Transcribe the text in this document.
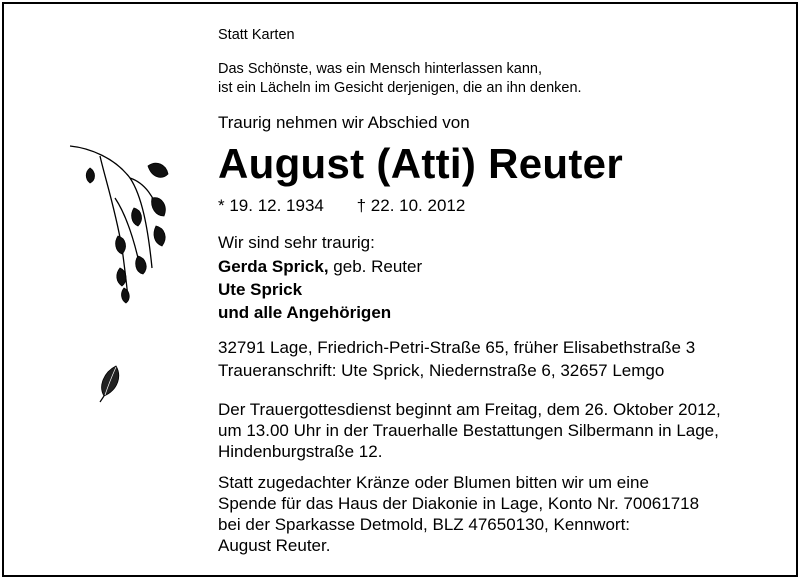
Statt Karten
Das Schönste, was ein Mensch hinterlassen kann,
ist ein Lächeln im Gesicht derjenigen, die an ihn denken.
Traurig nehmen wir Abschied von
August (Atti) Reuter
* 19. 12. 1934 † 22. 10. 2012
Wir sind sehr traurig:
Gerda Sprick, geb. Reuter
Ute Sprick
und alle Angehörigen
32791 Lage, Friedrich-Petri-Straße 65, früher Elisabethstraße 3
Traueranschrift: Ute Sprick, Niedernstraße 6, 32657 Lemgo
Der Trauergottesdienst beginnt am Freitag, dem 26. Oktober 2012,
um 13.00 Uhr in der Trauerhalle Bestattungen Silbermann in Lage,
Hindenburgstraße 12.
Statt zugedachter Kränze oder Blumen bitten wir um eine
Spende für das Haus der Diakonie in Lage, Konto Nr. 70061718
bei der Sparkasse Detmold, BLZ 47650130, Kennwort:
August Reuter.
